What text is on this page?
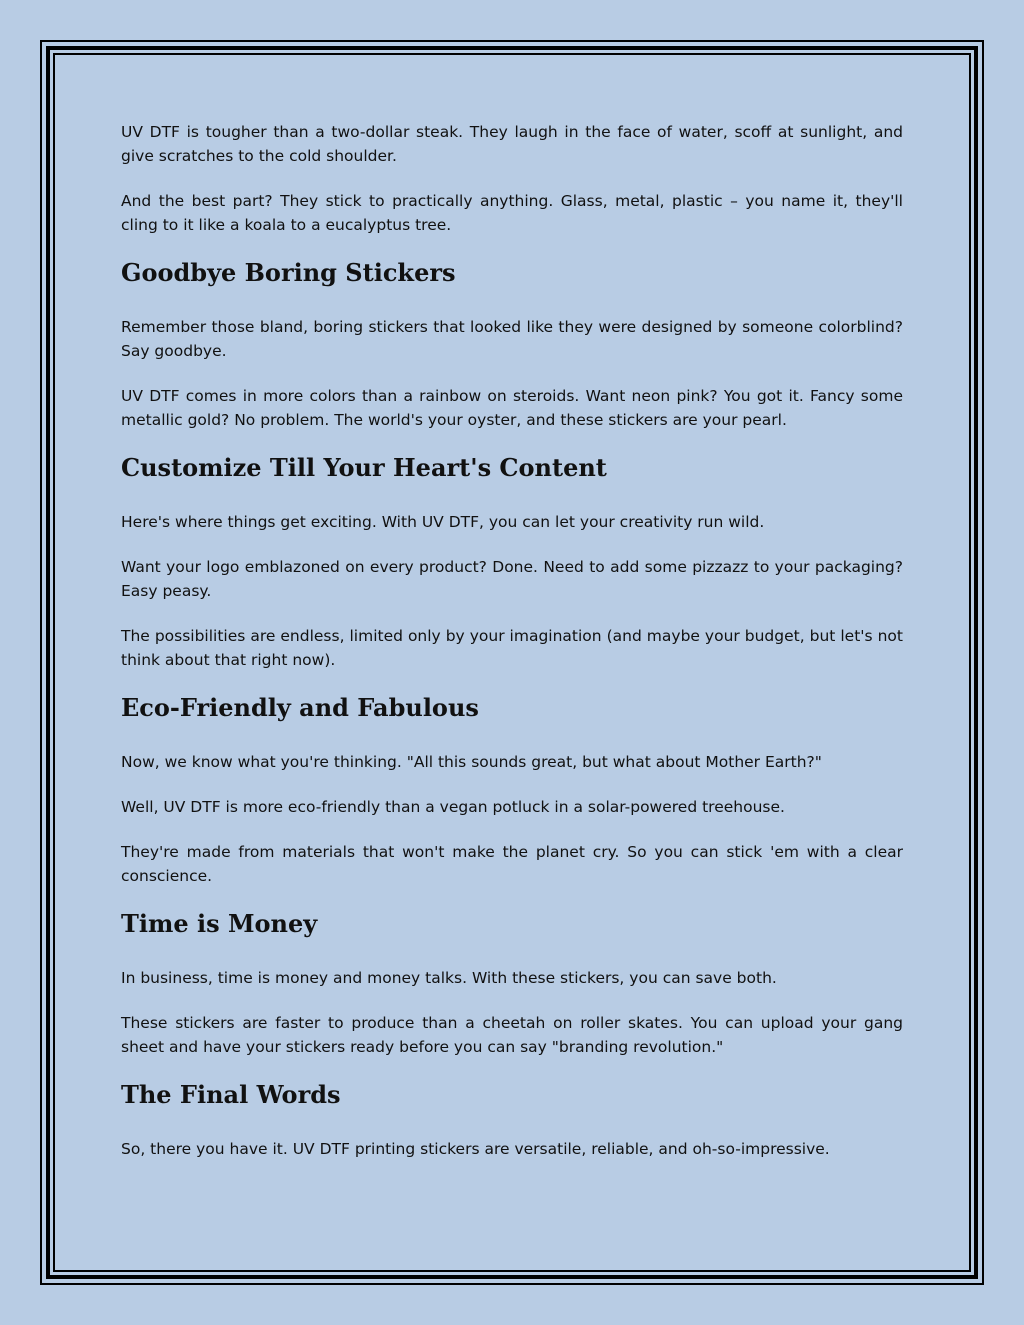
UV DTF is tougher than a two-dollar steak. They laugh in the face of water, scoff at sunlight, and give scratches to the cold shoulder.

And the best part? They stick to practically anything. Glass, metal, plastic – you name it, they'll cling to it like a koala to a eucalyptus tree.

Goodbye Boring Stickers

Remember those bland, boring stickers that looked like they were designed by someone colorblind? Say goodbye.

UV DTF comes in more colors than a rainbow on steroids. Want neon pink? You got it. Fancy some metallic gold? No problem. The world's your oyster, and these stickers are your pearl.

Customize Till Your Heart's Content

Here's where things get exciting. With UV DTF, you can let your creativity run wild.

Want your logo emblazoned on every product? Done. Need to add some pizzazz to your packaging? Easy peasy.

The possibilities are endless, limited only by your imagination (and maybe your budget, but let's not think about that right now).

Eco-Friendly and Fabulous

Now, we know what you're thinking. "All this sounds great, but what about Mother Earth?"

Well, UV DTF is more eco-friendly than a vegan potluck in a solar-powered treehouse.

They're made from materials that won't make the planet cry. So you can stick 'em with a clear conscience.

Time is Money

In business, time is money and money talks. With these stickers, you can save both.

These stickers are faster to produce than a cheetah on roller skates. You can upload your gang sheet and have your stickers ready before you can say "branding revolution."

The Final Words

So, there you have it. UV DTF printing stickers are versatile, reliable, and oh-so-impressive.
